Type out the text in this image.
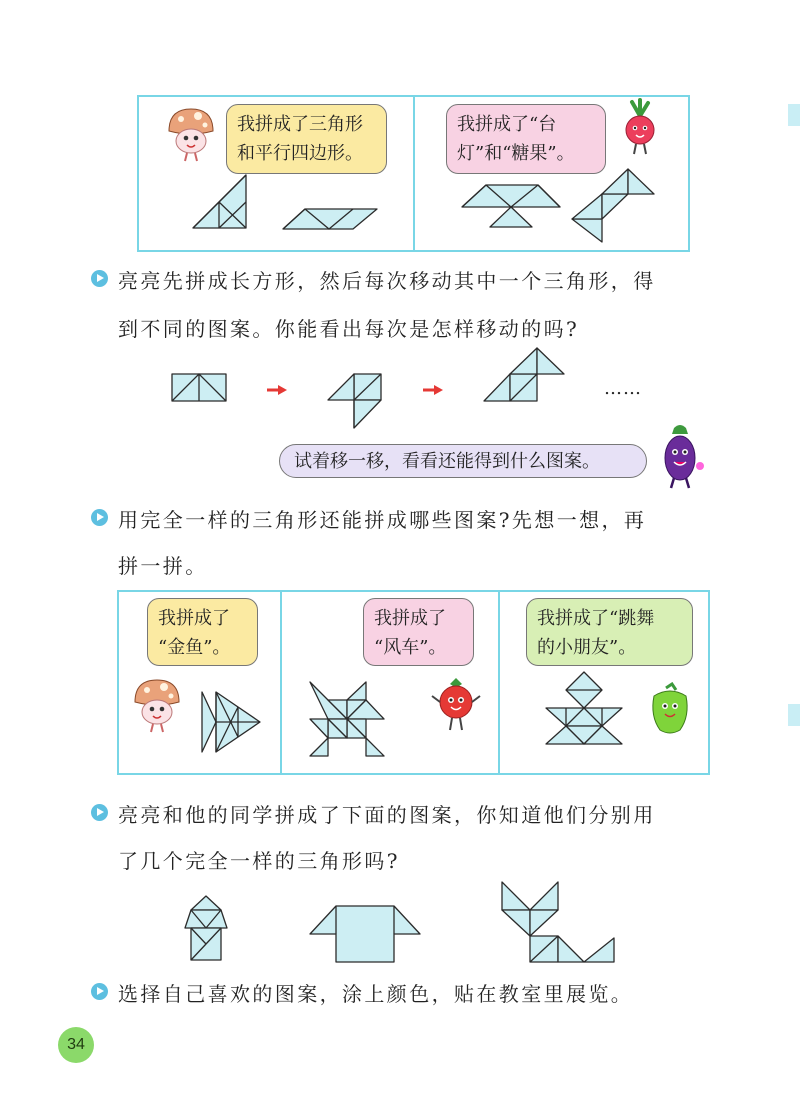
我拼成了三角形
和平行四边形。
我拼成了“台
灯”和“糖果”。
亮亮先拼成长方形，然后每次移动其中一个三角形，得
到不同的图案。你能看出每次是怎样移动的吗?
……
试着移一移，看看还能得到什么图案。
用完全一样的三角形还能拼成哪些图案?先想一想，再
拼一拼。
我拼成了
“金鱼”。
我拼成了
“风车”。
我拼成了“跳舞
的小朋友”。
亮亮和他的同学拼成了下面的图案，你知道他们分别用
了几个完全一样的三角形吗?
选择自己喜欢的图案，涂上颜色，贴在教室里展览。
34
